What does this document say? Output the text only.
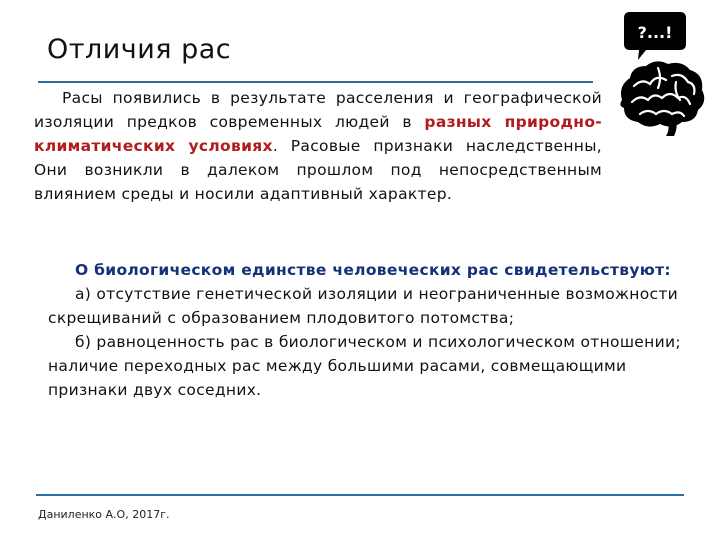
Отличия рас
Расы появились в результате расселения и географической изоляции предков современных людей в разных природно-климатических условиях. Расовые признаки наследственны, Они возникли в далеком прошлом под непосредственным влиянием среды и носили адаптивный характер.
О биологическом единстве человеческих рас свидетельствуют:
а) отсутствие генетической изоляции и неограниченные возможности скрещиваний с образованием плодовитого потомства;
б) равноценность рас в биологическом и психологическом отношении; наличие переходных рас между большими расами, совмещающими признаки двух соседних.
Даниленко А.О, 2017г.
?...!
